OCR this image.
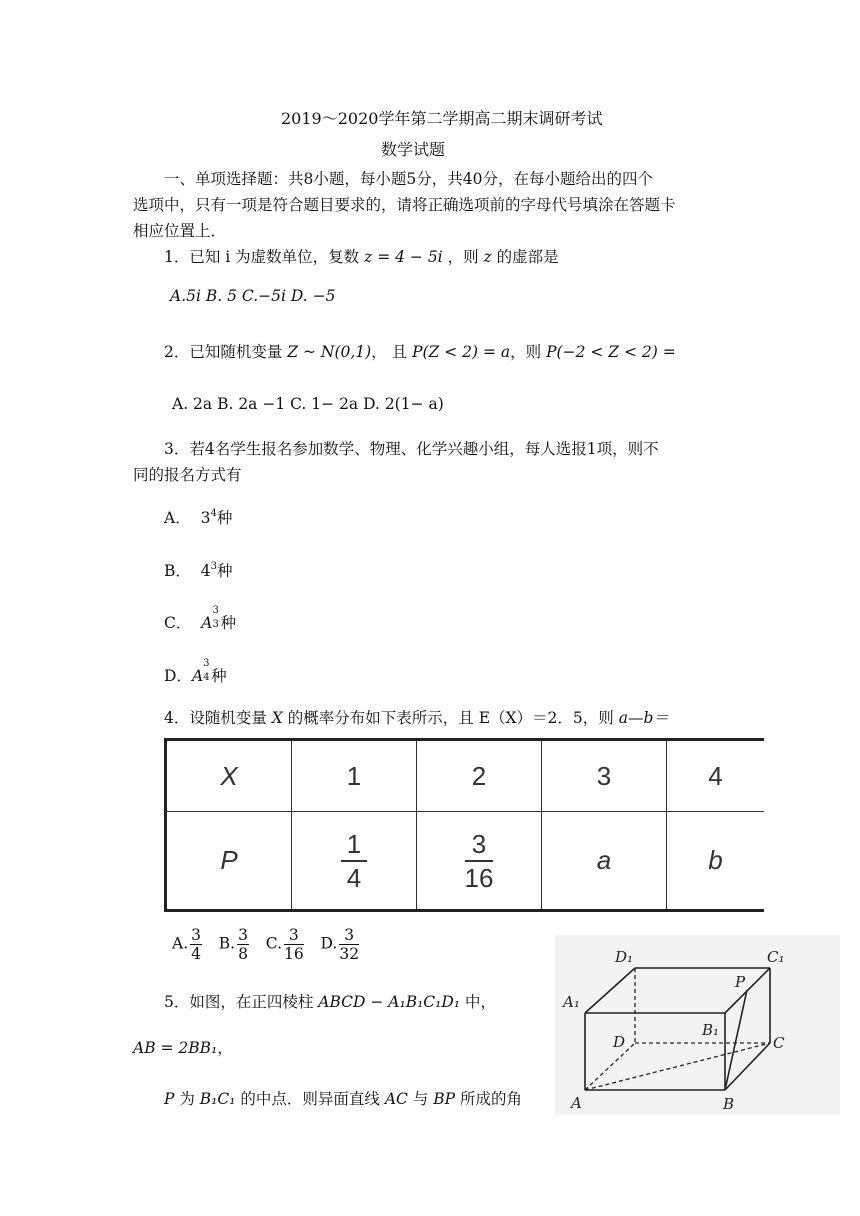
2019～2020学年第二学期高二期末调研考试
数学试题
一、单项选择题：共8小题，每小题5分，共40分，在每小题给出的四个
选项中，只有一项是符合题目要求的，请将正确选项前的字母代号填涂在答题卡
相应位置上．
1．已知 i 为虚数单位，复数 z = 4 − 5i ，则 z 的虚部是
A.5i B. 5 C.−5i D. −5
2．已知随机变量 Z ~ N(0,1)， 且 P(Z < 2) = a，则 P(−2 < Z < 2) =
A. 2a B. 2a −1 C. 1− 2a D. 2(1− a)
3．若4名学生报名参加数学、物理、化学兴趣小组，每人选报1项，则不
同的报名方式有
A． $3^4$种
B． $4^3$种
C． A
3
3 种
D．A
3
4 种
4．设随机变量 X 的概率分布如下表所示，且 E（X）＝2．5，则 a—b＝
X	1	2	3	4
P	$\frac{1}{4}$	$\frac{3}{16}$	a	b
A. $\frac{3}{4} B$. $\frac{3}{8} C$. $\frac{3}{16} D$. $\frac{3}{32}$
5．如图，在正四棱柱 ABCD − A₁B₁C₁D₁ 中，
AB = 2BB₁，
P 为 B₁C₁ 的中点．则异面直线 AC 与 BP 所成的角
D₁	C₁
A₁
B₁
D	C
A	B
P
